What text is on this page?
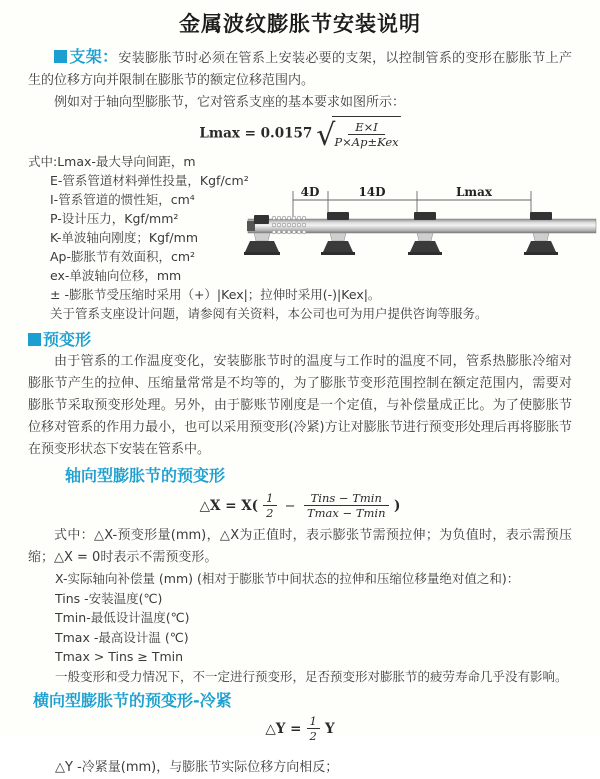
金属波纹膨胀节安装说明

支架：安装膨胀节时必须在管系上安装必要的支架，以控制管系的变形在膨胀节上产生的位移方向并限制在膨胀节的额定位移范围内。

例如对于轴向型膨胀节，它对管系支座的基本要求如图所示：

Lmax = 0.0157 √
$\frac{E\times I}{\text{P×Ap±Kex}}$
式中:Lmax-最大导向间距，m
E-管系管道材料弹性投量，Kgf/cm²
I-管系管道的惯性矩，cm⁴
P-设计压力，Kgf/mm²
K-单波轴向刚度；Kgf/mm
Ap-膨胀节有效面积，cm²
ex-单波轴向位移，mm
± -膨胀节受压缩时采用（+）|Kex|；拉伸时采用(-)|Kex|。
关于管系支座设计问题，请参阅有关资料，本公司也可为用户提供咨询等服务。
4D	14D	Lmax

预变形

由于管系的工作温度变化，安装膨胀节时的温度与工作时的温度不同，管系热膨胀冷缩对膨胀节产生的拉伸、压缩量常常是不均等的，为了膨胀节变形范围控制在额定范围内，需要对膨胀节采取预变形处理。另外，由于膨账节刚度是一个定值，与补偿量成正比。为了使膨胀节位移对管系的作用力最小，也可以采用预变形(冷紧)方让对膨胀节进行预变形处理后再将膨胀节在预变形状态下安装在管系中。

轴向型膨胀节的预变形

△X = $X( \frac{1}{2} - \frac{\text{Tins − Tmin}}{Tmax - Tmin}$ )

式中：△X-预变形量(mm)，△X为正值时，表示膨张节需预拉伸；为负值时，表示需预压缩；△X = 0时表示不需预变形。

X-实际轴向补偿量 (mm) (相对于膨胀节中间状态的拉伸和压缩位移量绝对值之和)：
Tins -安装温度(℃)
Tmin-最低设计温度(℃)
Tmax -最高设计温 (℃)
Tmax > Tins ≥ Tmin
一般变形和受力情况下，不一定进行预变形，足否预变形对膨胀节的疲劳寿命几乎没有影响。

横向型膨胀节的预变形-冷紧

△Y = $\frac{1}{2}$ Y

△Y -冷紧量(mm)，与膨胀节实际位移方向相反；
